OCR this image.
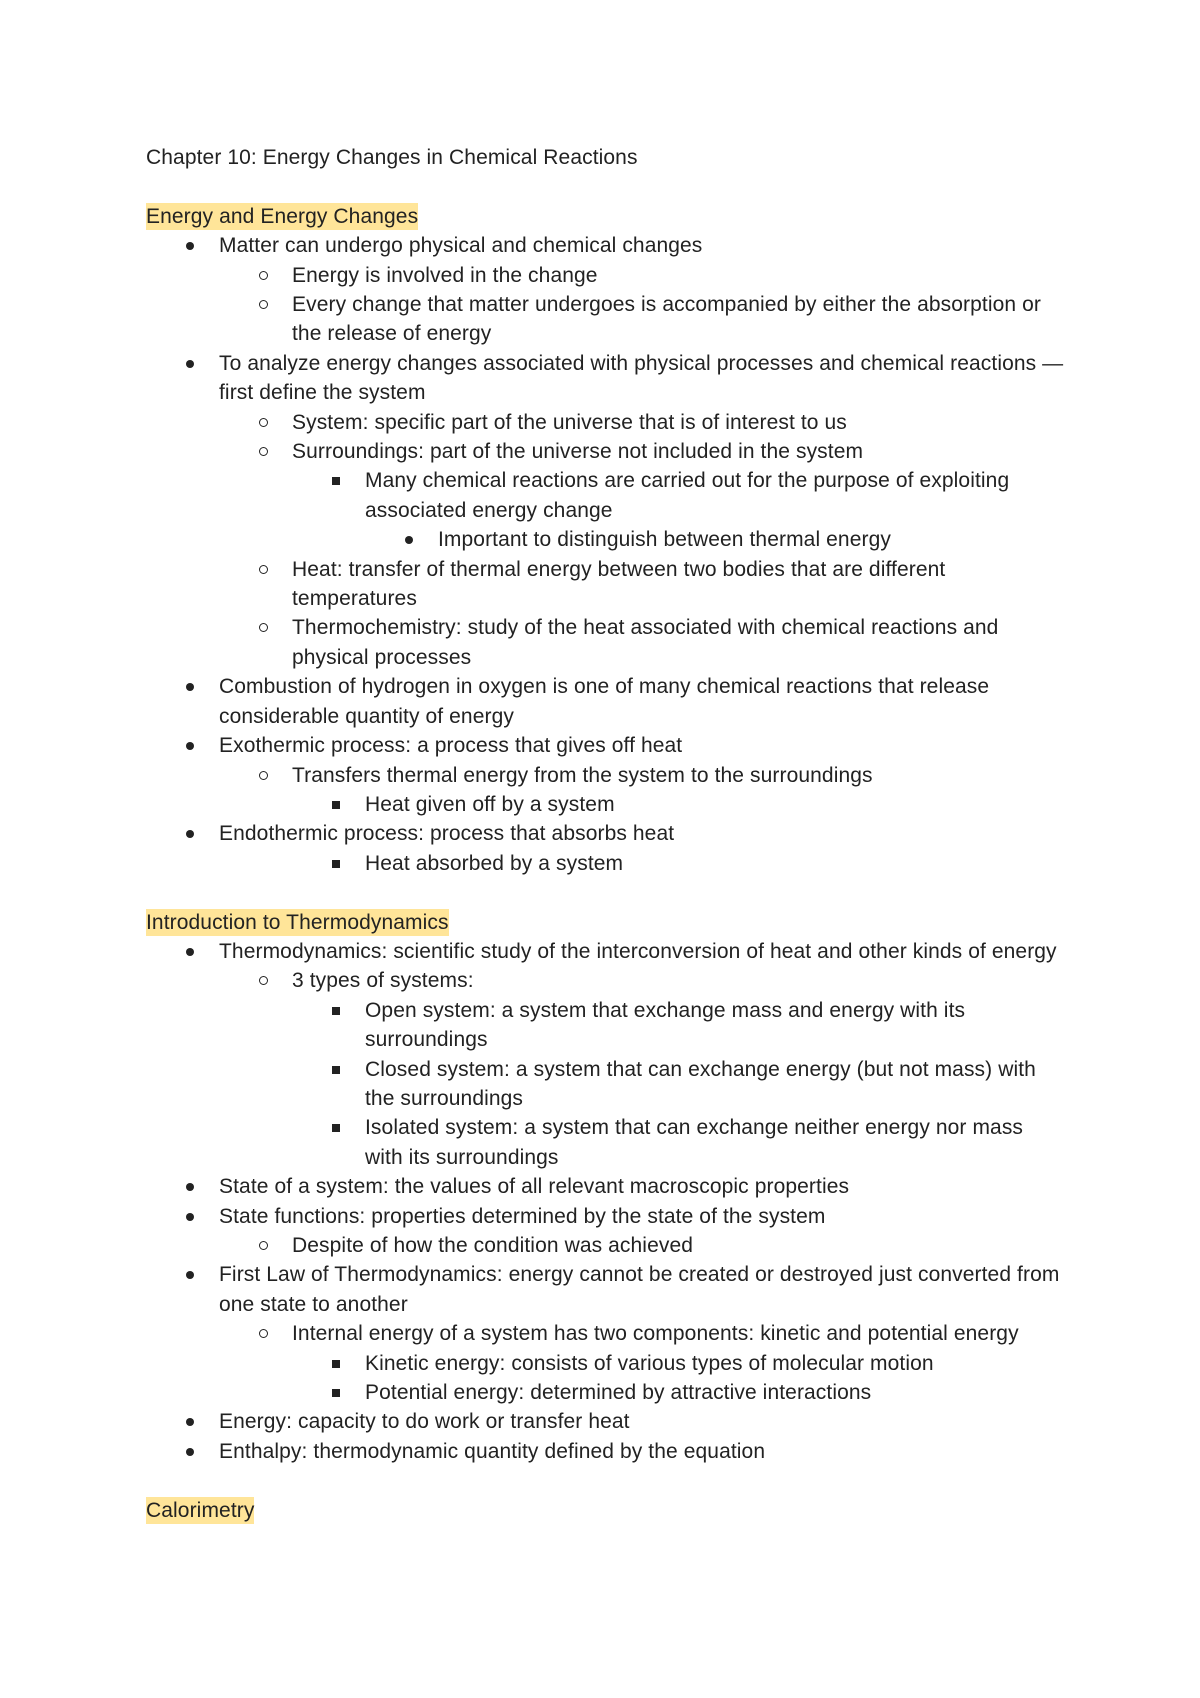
Chapter 10: Energy Changes in Chemical Reactions
Energy and Energy Changes
Matter can undergo physical and chemical changes
Energy is involved in the change
Every change that matter undergoes is accompanied by either the absorption or the release of energy
To analyze energy changes associated with physical processes and chemical reactions — first define the system
System: specific part of the universe that is of interest to us
Surroundings: part of the universe not included in the system
Many chemical reactions are carried out for the purpose of exploiting associated energy change
Important to distinguish between thermal energy
Heat: transfer of thermal energy between two bodies that are different temperatures
Thermochemistry: study of the heat associated with chemical reactions and physical processes
Combustion of hydrogen in oxygen is one of many chemical reactions that release considerable quantity of energy
Exothermic process: a process that gives off heat
Transfers thermal energy from the system to the surroundings
Heat given off by a system
Endothermic process: process that absorbs heat
Heat absorbed by a system
Introduction to Thermodynamics
Thermodynamics: scientific study of the interconversion of heat and other kinds of energy
3 types of systems:
Open system: a system that exchange mass and energy with its surroundings
Closed system: a system that can exchange energy (but not mass) with the surroundings
Isolated system: a system that can exchange neither energy nor mass with its surroundings
State of a system: the values of all relevant macroscopic properties
State functions: properties determined by the state of the system
Despite of how the condition was achieved
First Law of Thermodynamics: energy cannot be created or destroyed just converted from one state to another
Internal energy of a system has two components: kinetic and potential energy
Kinetic energy: consists of various types of molecular motion
Potential energy: determined by attractive interactions
Energy: capacity to do work or transfer heat
Enthalpy: thermodynamic quantity defined by the equation
Calorimetry
